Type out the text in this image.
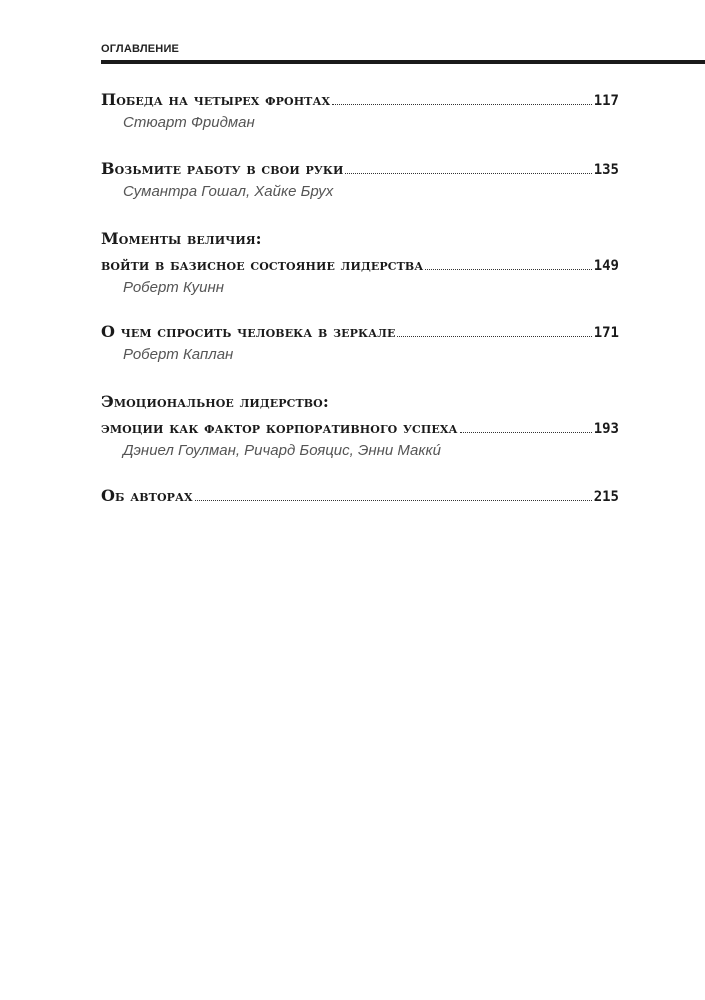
ОГЛАВЛЕНИЕ
Победа на четырех фронтах	117
Стюарт Фридман
Возьмите работу в свои руки	135
Сумантра Гошал, Хайке Брух
Моменты величия:
войти в базисное состояние лидерства	149
Роберт Куинн
О чем спросить человека в зеркале	171
Роберт Каплан
Эмоциональное лидерство:
эмоции как фактор корпоративного успеха	193
Дэниел Гоулман, Ричард Бояцис, Энни Маккú
Об авторах	215
